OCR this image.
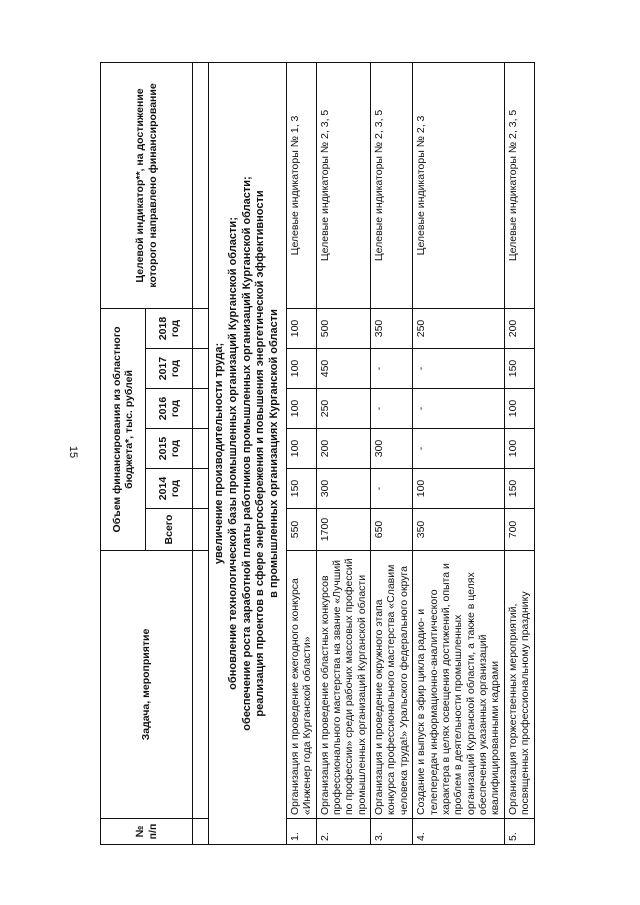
15
№ п/п	Задача, мероприятие	Объем финансирования из областного бюджета*, тыс. рублей						Целевой индикатор**, на достижение которого направлено финансирование
		Всего	2014 год	2015 год	2016 год	2017 год	2018 год	

увеличение производительности труда; обновление технологической базы промышленных организаций Курганской области; обеспечение роста заработной платы работников промышленных организаций Курганской области; реализация проектов в сфере энергосбережения и повышения энергетической эффективности в промышленных организациях Курганской области								

1.	Организация и проведение ежегодного конкурса «Инженер года Курганской области»	550	150	100	100	100	100	Целевые индикаторы № 1, 3
2.	Организация и проведение областных конкурсов профессионального мастерства на звание «Лучший по профессии» среди рабочих массовых профессий промышленных организаций Курганской области	1700	300	200	250	450	500	Целевые индикаторы № 2, 3, 5
3.	Организация и проведение окружного этапа конкурса профессионального мастерства «Славим человека труда!» Уральского федерального округа	650	-	300	-	-	350	Целевые индикаторы № 2, 3, 5
4.	Создание и выпуск в эфир цикла радио- и телепередач информационно-аналитического характера в целях освещения достижений, опыта и проблем в деятельности промышленных организаций Курганской области, а также в целях обеспечения указанных организаций квалифицированными кадрами	350	100	-	-	-	250	Целевые индикаторы № 2, 3
5.	Организация торжественных мероприятий, посвященных профессиональному празднику	700	150	100	100	150	200	Целевые индикаторы № 2, 3, 5
